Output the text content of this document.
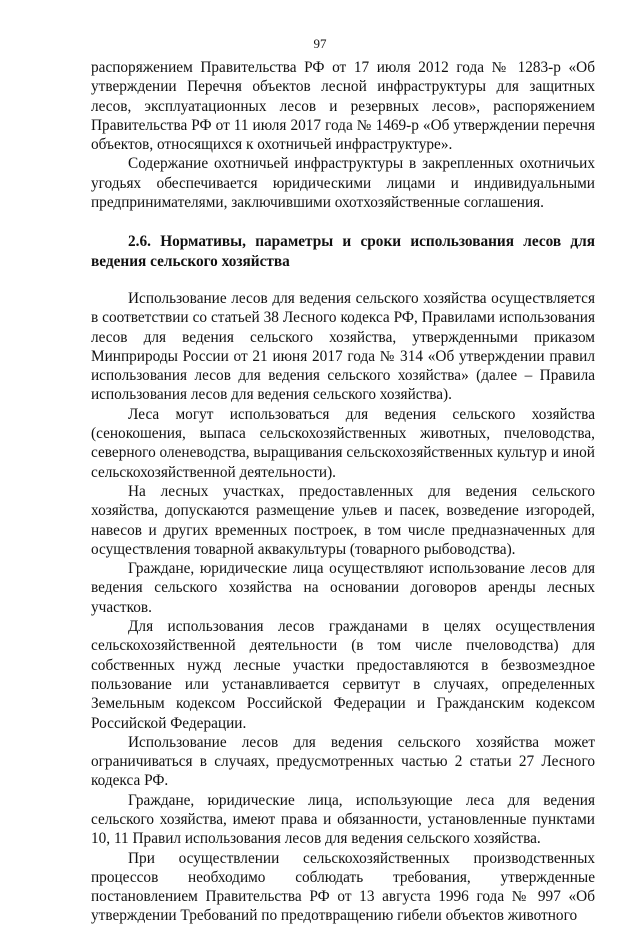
97

распоряжением Правительства РФ от 17 июля 2012 года № 1283-р «Об утверждении Перечня объектов лесной инфраструктуры для защитных лесов, эксплуатационных лесов и резервных лесов», распоряжением Правительства РФ от 11 июля 2017 года № 1469-р «Об утверждении перечня объектов, относящихся к охотничьей инфраструктуре».

Содержание охотничьей инфраструктуры в закрепленных охотничьих угодьях обеспечивается юридическими лицами и индивидуальными предпринимателями, заключившими охотхозяйственные соглашения.

2.6. Нормативы, параметры и сроки использования лесов для ведения сельского хозяйства

Использование лесов для ведения сельского хозяйства осуществляется в соответствии со статьей 38 Лесного кодекса РФ, Правилами использования лесов для ведения сельского хозяйства, утвержденными приказом Минприроды России от 21 июня 2017 года № 314 «Об утверждении правил использования лесов для ведения сельского хозяйства» (далее – Правила использования лесов для ведения сельского хозяйства).

Леса могут использоваться для ведения сельского хозяйства (сенокошения, выпаса сельскохозяйственных животных, пчеловодства, северного оленеводства, выращивания сельскохозяйственных культур и иной сельскохозяйственной деятельности).

На лесных участках, предоставленных для ведения сельского хозяйства, допускаются размещение ульев и пасек, возведение изгородей, навесов и других временных построек, в том числе предназначенных для осуществления товарной аквакультуры (товарного рыбоводства).

Граждане, юридические лица осуществляют использование лесов для ведения сельского хозяйства на основании договоров аренды лесных участков.

Для использования лесов гражданами в целях осуществления сельскохозяйственной деятельности (в том числе пчеловодства) для собственных нужд лесные участки предоставляются в безвозмездное пользование или устанавливается сервитут в случаях, определенных Земельным кодексом Российской Федерации и Гражданским кодексом Российской Федерации.

Использование лесов для ведения сельского хозяйства может ограничиваться в случаях, предусмотренных частью 2 статьи 27 Лесного кодекса РФ.

Граждане, юридические лица, использующие леса для ведения сельского хозяйства, имеют права и обязанности, установленные пунктами 10, 11 Правил использования лесов для ведения сельского хозяйства.

При осуществлении сельскохозяйственных производственных процессов необходимо соблюдать требования, утвержденные постановлением Правительства РФ от 13 августа 1996 года № 997 «Об утверждении Требований по предотвращению гибели объектов животного
